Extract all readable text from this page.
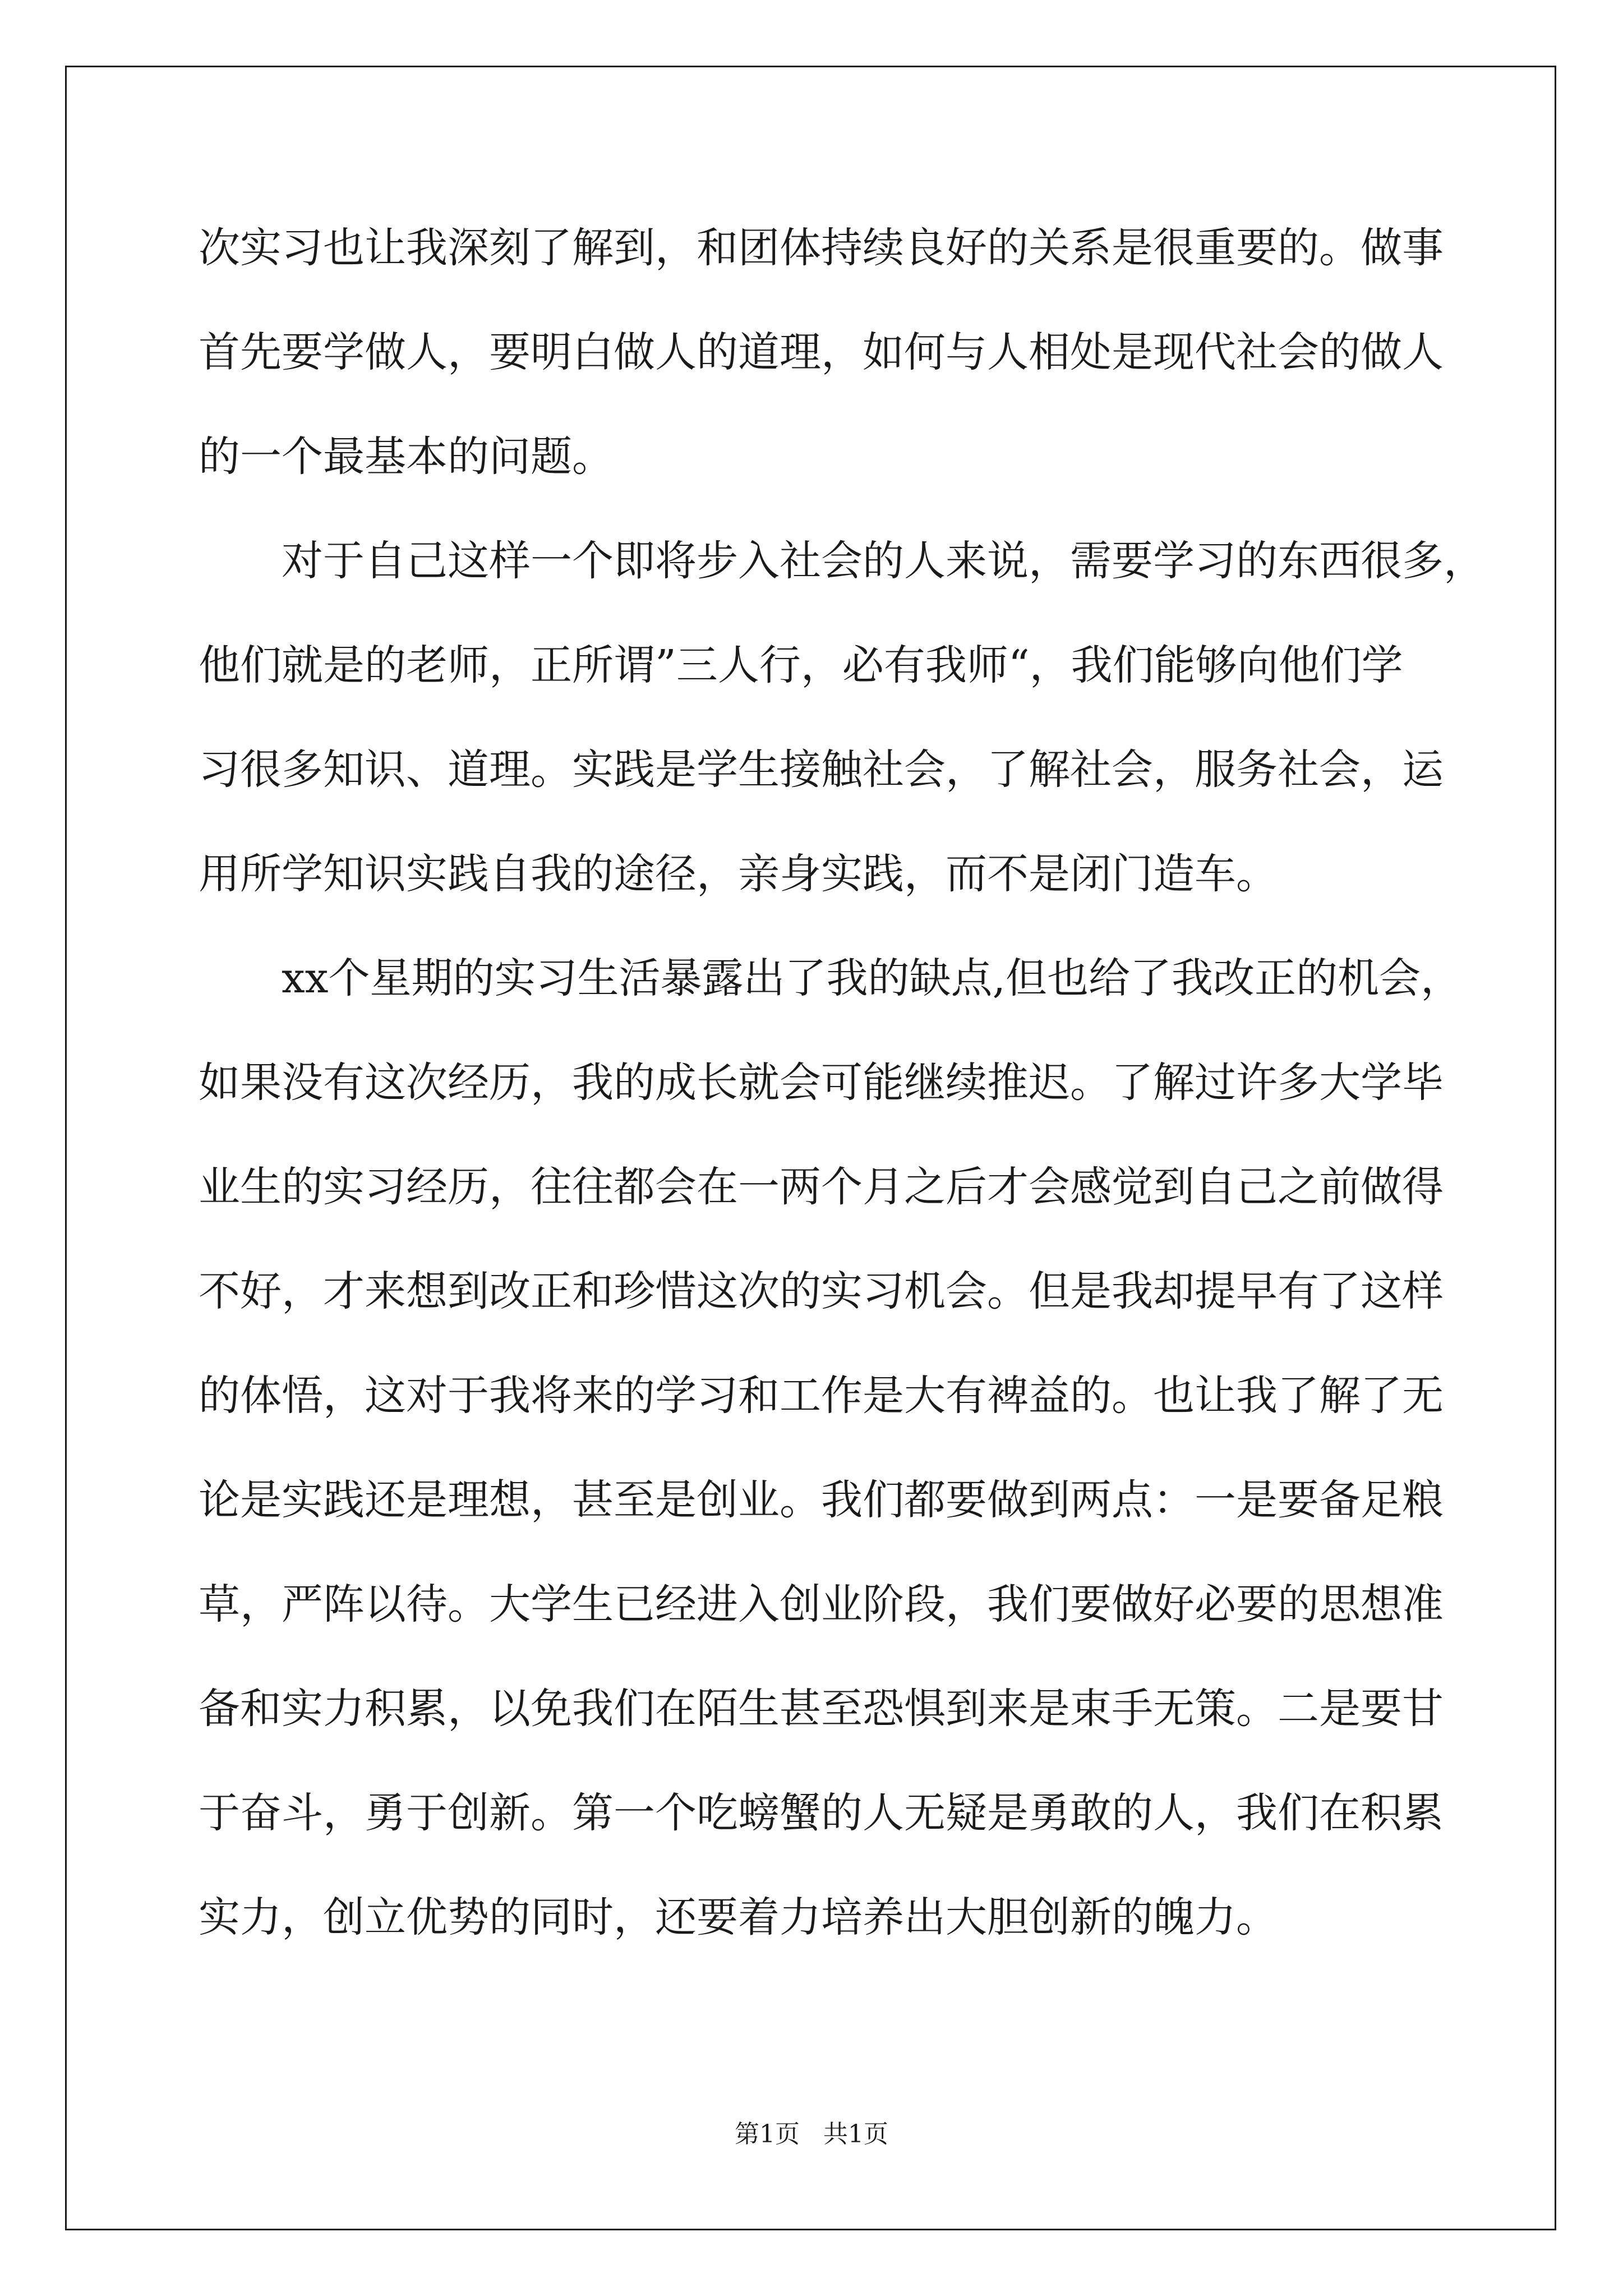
次实习也让我深刻了解到，和团体持续良好的关系是很重要的。做事

首先要学做人，要明白做人的道理，如何与人相处是现代社会的做人

的一个最基本的问题。

对于自己这样一个即将步入社会的人来说，需要学习的东西很多，

他们就是的老师，正所谓”三人行，必有我师“，我们能够向他们学

习很多知识、道理。实践是学生接触社会，了解社会，服务社会，运

用所学知识实践自我的途径，亲身实践，而不是闭门造车。

xx个星期的实习生活暴露出了我的缺点,但也给了我改正的机会，

如果没有这次经历，我的成长就会可能继续推迟。了解过许多大学毕

业生的实习经历，往往都会在一两个月之后才会感觉到自己之前做得

不好，才来想到改正和珍惜这次的实习机会。但是我却提早有了这样

的体悟，这对于我将来的学习和工作是大有裨益的。也让我了解了无

论是实践还是理想，甚至是创业。我们都要做到两点：一是要备足粮

草，严阵以待。大学生已经进入创业阶段，我们要做好必要的思想准

备和实力积累，以免我们在陌生甚至恐惧到来是束手无策。二是要甘

于奋斗，勇于创新。第一个吃螃蟹的人无疑是勇敢的人，我们在积累

实力，创立优势的同时，还要着力培养出大胆创新的魄力。

第1页   共1页
